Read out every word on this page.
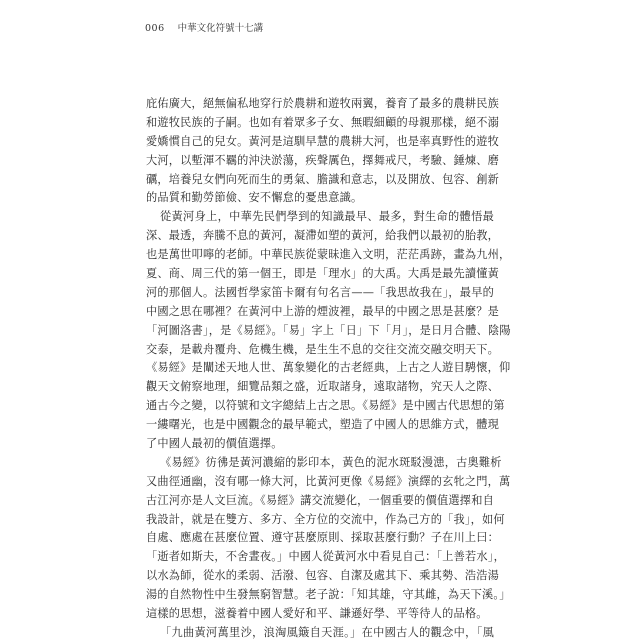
006 中華文化符號十七講
庇佑廣大，絕無偏私地穿行於農耕和遊牧兩翼，養育了最多的農耕民族
和遊牧民族的子嗣。也如有着眾多子女、無暇細顧的母親那樣，絕不溺
愛嬌慣自己的兒女。黃河是這馴早慧的農耕大河，也是率真野性的遊牧
大河，以塹渾不羈的沖決淤蕩，疾聲厲色，擇舞戒尺，考驗、錘煉、磨
礪，培養兒女們向死而生的勇氣、膽識和意志，以及開放、包容、創新
的品質和勤勞節儉、安不懈怠的憂患意識。
從黃河身上，中華先民們學到的知識最早、最多，對生命的體悟最
深、最透，奔騰不息的黃河，凝滯如塑的黃河，給我們以最初的胎教，
也是萬世叩嚀的老師。中華民族從蒙昧進入文明，茫茫禹跡，畫為九州，
夏、商、周三代的第一個王，即是「理水」的大禹。大禹是最先讀懂黃
河的那個人。法國哲學家笛卡爾有句名言——「我思故我在」，最早的
中國之思在哪裡？在黃河中上游的煙波裡，最早的中國之思是甚麼？是
「河圖洛書」，是《易經》。「易」字上「日」下「月」，是日月合體、陰陽
交泰，是載舟覆舟、危機生機，是生生不息的交往交流交融交明天下。
《易經》是闡述天地人世、萬象變化的古老經典，上古之人遊目騁懷，仰
觀天文俯察地理，細覽品類之盛，近取諸身，遠取諸物，究天人之際、
通古今之變，以符號和文字總結上古之思。《易經》是中國古代思想的第
一縷曙光，也是中國觀念的最早範式，塑造了中國人的思維方式，體現
了中國人最初的價值選擇。
《易經》彷彿是黃河濃縮的影印本，黃色的泥水斑駁漫漶，古奧難析
又曲徑通幽，沒有哪一條大河，比黃河更像《易經》演繹的玄牝之門，萬
古江河亦是人文巨流。《易經》講交流變化，一個重要的價值選擇和自
我設計，就是在雙方、多方、全方位的交流中，作為己方的「我」，如何
自處、應處在甚麼位置、遵守甚麼原則、採取甚麼行動？子在川上曰：
「逝者如斯夫，不舍晝夜。」中國人從黃河水中看見自己：「上善若水」，
以水為師，從水的柔弱、活潑、包容、自潔及處其下、乘其勢、浩浩湯
湯的自然物性中生發無窮智慧。老子說：「知其雄，守其雌，為天下溪。」
這樣的思想，滋養着中國人愛好和平、謙遜好學、平等待人的品格。
「九曲黃河萬里沙，浪淘風簸自天涯。」在中國古人的觀念中，「風
